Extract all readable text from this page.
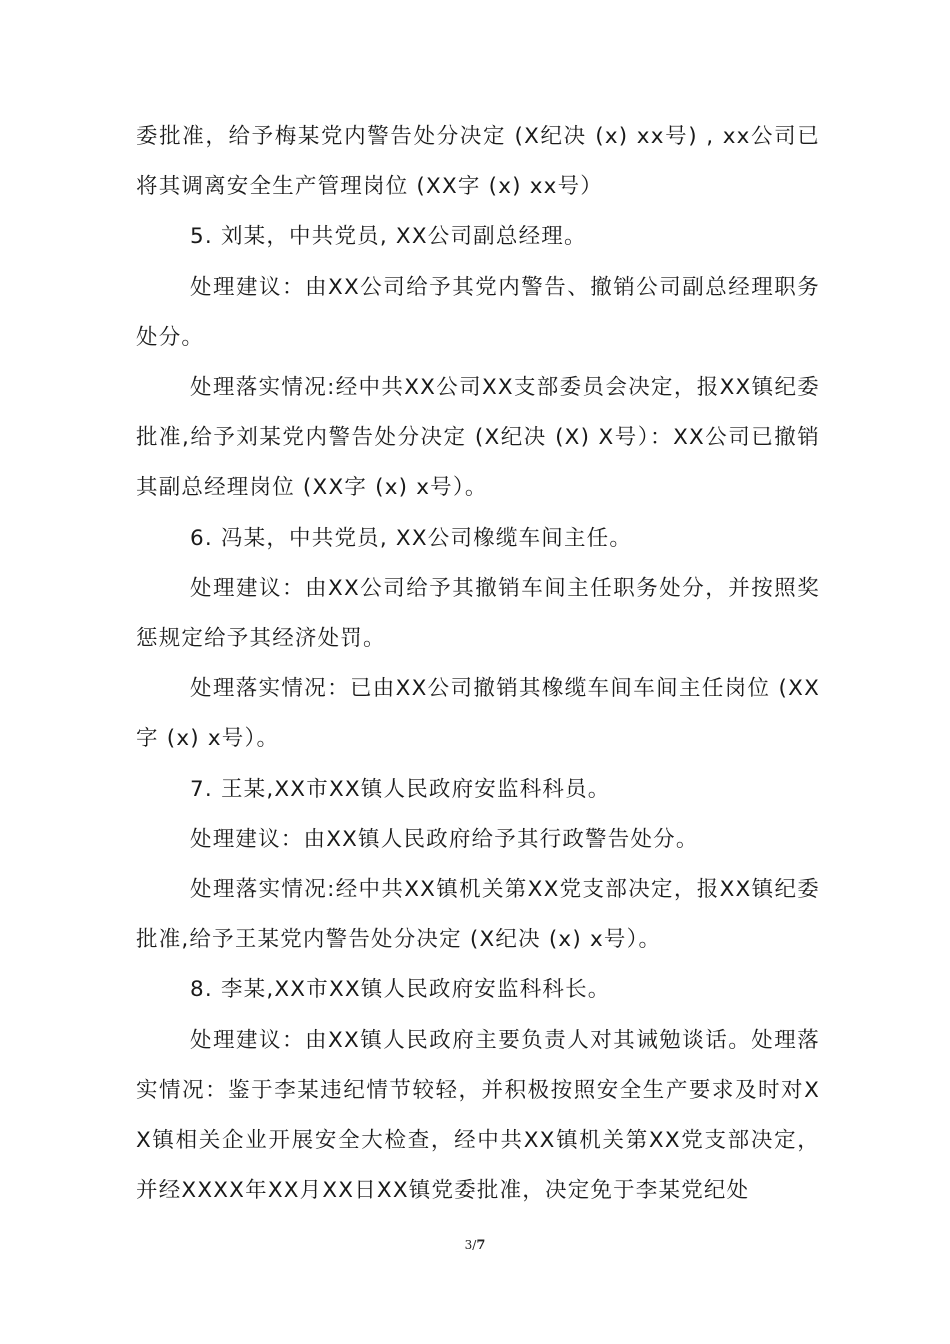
委批准，给予梅某党内警告处分决定 (X纪决 (x) xx号) , xx公司已将其调离安全生产管理岗位 (XX字 (x) xx号）

5. 刘某，中共党员, XX公司副总经理。

处理建议：由XX公司给予其党内警告、撤销公司副总经理职务处分。

处理落实情况:经中共XX公司XX支部委员会决定，报XX镇纪委批准,给予刘某党内警告处分决定 (X纪决 (X) X号）：XX公司已撤销其副总经理岗位 (XX字 (x) x号）。

6. 冯某，中共党员, XX公司橡缆车间主任。

处理建议：由XX公司给予其撤销车间主任职务处分，并按照奖惩规定给予其经济处罚。

处理落实情况：已由XX公司撤销其橡缆车间车间主任岗位 (XX字 (x) x号）。

7. 王某,XX市XX镇人民政府安监科科员。

处理建议：由XX镇人民政府给予其行政警告处分。

处理落实情况:经中共XX镇机关第XX党支部决定，报XX镇纪委批准,给予王某党内警告处分决定 (X纪决 (x) x号）。

8. 李某,XX市XX镇人民政府安监科科长。

处理建议：由XX镇人民政府主要负责人对其诫勉谈话。处理落实情况：鉴于李某违纪情节较轻，并积极按照安全生产要求及时对XX镇相关企业开展安全大检查，经中共XX镇机关第XX党支部决定，并经XXXX年XX月XX日XX镇党委批准，决定免于李某党纪处

3/7
